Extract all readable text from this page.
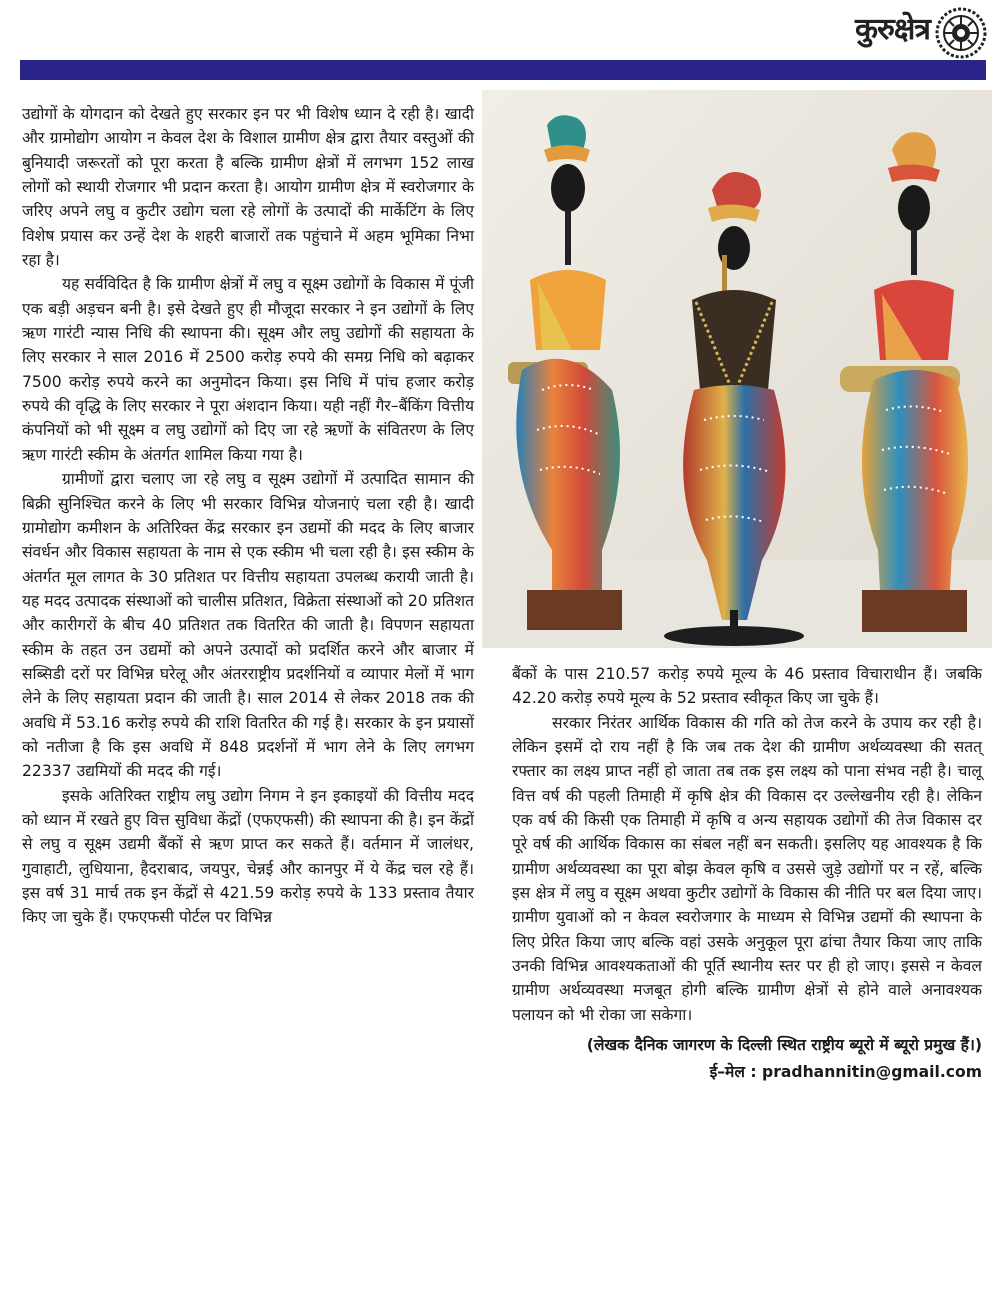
कुरुक्षेत्र

उद्योगों के योगदान को देखते हुए सरकार इन पर भी विशेष ध्यान दे रही है। खादी और ग्रामोद्योग आयोग न केवल देश के विशाल ग्रामीण क्षेत्र द्वारा तैयार वस्तुओं की बुनियादी जरूरतों को पूरा करता है बल्कि ग्रामीण क्षेत्रों में लगभग 152 लाख लोगों को स्थायी रोजगार भी प्रदान करता है। आयोग ग्रामीण क्षेत्र में स्वरोजगार के जरिए अपने लघु व कुटीर उद्योग चला रहे लोगों के उत्पादों की मार्केटिंग के लिए विशेष प्रयास कर उन्हें देश के शहरी बाजारों तक पहुंचाने में अहम भूमिका निभा रहा है।

यह सर्वविदित है कि ग्रामीण क्षेत्रों में लघु व सूक्ष्म उद्योगों के विकास में पूंजी एक बड़ी अड़चन बनी है। इसे देखते हुए ही मौजूदा सरकार ने इन उद्योगों के लिए ऋण गारंटी न्यास निधि की स्थापना की। सूक्ष्म और लघु उद्योगों की सहायता के लिए सरकार ने साल 2016 में 2500 करोड़ रुपये की समग्र निधि को बढ़ाकर 7500 करोड़ रुपये करने का अनुमोदन किया। इस निधि में पांच हजार करोड़ रुपये की वृद्धि के लिए सरकार ने पूरा अंशदान किया। यही नहीं गैर–बैंकिंग वित्तीय कंपनियों को भी सूक्ष्म व लघु उद्योगों को दिए जा रहे ऋणों के संवितरण के लिए ऋण गारंटी स्कीम के अंतर्गत शामिल किया गया है।

ग्रामीणों द्वारा चलाए जा रहे लघु व सूक्ष्म उद्योगों में उत्पादित सामान की बिक्री सुनिश्चित करने के लिए भी सरकार विभिन्न योजनाएं चला रही है। खादी ग्रामोद्योग कमीशन के अतिरिक्त केंद्र सरकार इन उद्यमों की मदद के लिए बाजार संवर्धन और विकास सहायता के नाम से एक स्कीम भी चला रही है। इस स्कीम के अंतर्गत मूल लागत के 30 प्रतिशत पर वित्तीय सहायता उपलब्ध करायी जाती है। यह मदद उत्पादक संस्थाओं को चालीस प्रतिशत, विक्रेता संस्थाओं को 20 प्रतिशत और कारीगरों के बीच 40 प्रतिशत तक वितरित की जाती है। विपणन सहायता स्कीम के तहत उन उद्यमों को अपने उत्पादों को प्रदर्शित करने और बाजार में सब्सिडी दरों पर विभिन्न घरेलू और अंतरराष्ट्रीय प्रदर्शनियों व व्यापार मेलों में भाग लेने के लिए सहायता प्रदान की जाती है। साल 2014 से लेकर 2018 तक की अवधि में 53.16 करोड़ रुपये की राशि वितरित की गई है। सरकार के इन प्रयासों को नतीजा है कि इस अवधि में 848 प्रदर्शनों में भाग लेने के लिए लगभग 22337 उद्यमियों की मदद की गई।

इसके अतिरिक्त राष्ट्रीय लघु उद्योग निगम ने इन इकाइयों की वित्तीय मदद को ध्यान में रखते हुए वित्त सुविधा केंद्रों (एफएफसी) की स्थापना की है। इन केंद्रों से लघु व सूक्ष्म उद्यमी बैंकों से ऋण प्राप्त कर सकते हैं। वर्तमान में जालंधर, गुवाहाटी, लुधियाना, हैदराबाद, जयपुर, चेन्नई और कानपुर में ये केंद्र चल रहे हैं। इस वर्ष 31 मार्च तक इन केंद्रों से 421.59 करोड़ रुपये के 133 प्रस्ताव तैयार किए जा चुके हैं। एफएफसी पोर्टल पर विभिन्न

बैंकों के पास 210.57 करोड़ रुपये मूल्य के 46 प्रस्ताव विचाराधीन हैं। जबकि 42.20 करोड़ रुपये मूल्य के 52 प्रस्ताव स्वीकृत किए जा चुके हैं।

सरकार निरंतर आर्थिक विकास की गति को तेज करने के उपाय कर रही है। लेकिन इसमें दो राय नहीं है कि जब तक देश की ग्रामीण अर्थव्यवस्था की सतत् रफ्तार का लक्ष्य प्राप्त नहीं हो जाता तब तक इस लक्ष्य को पाना संभव नही है। चालू वित्त वर्ष की पहली तिमाही में कृषि क्षेत्र की विकास दर उल्लेखनीय रही है। लेकिन एक वर्ष की किसी एक तिमाही में कृषि व अन्य सहायक उद्योगों की तेज विकास दर पूरे वर्ष की आर्थिक विकास का संबल नहीं बन सकती। इसलिए यह आवश्यक है कि ग्रामीण अर्थव्यवस्था का पूरा बोझ केवल कृषि व उससे जुड़े उद्योगों पर न रहें, बल्कि इस क्षेत्र में लघु व सूक्ष्म अथवा कुटीर उद्योगों के विकास की नीति पर बल दिया जाए। ग्रामीण युवाओं को न केवल स्वरोजगार के माध्यम से विभिन्न उद्यमों की स्थापना के लिए प्रेरित किया जाए बल्कि वहां उसके अनुकूल पूरा ढांचा तैयार किया जाए ताकि उनकी विभिन्न आवश्यकताओं की पूर्ति स्थानीय स्तर पर ही हो जाए। इससे न केवल ग्रामीण अर्थव्यवस्था मजबूत होगी बल्कि ग्रामीण क्षेत्रों से होने वाले अनावश्यक पलायन को भी रोका जा सकेगा।

(लेखक दैनिक जागरण के दिल्ली स्थित राष्ट्रीय ब्यूरो में ब्यूरो प्रमुख हैं।)
ई–मेल : pradhannitin@gmail.com
